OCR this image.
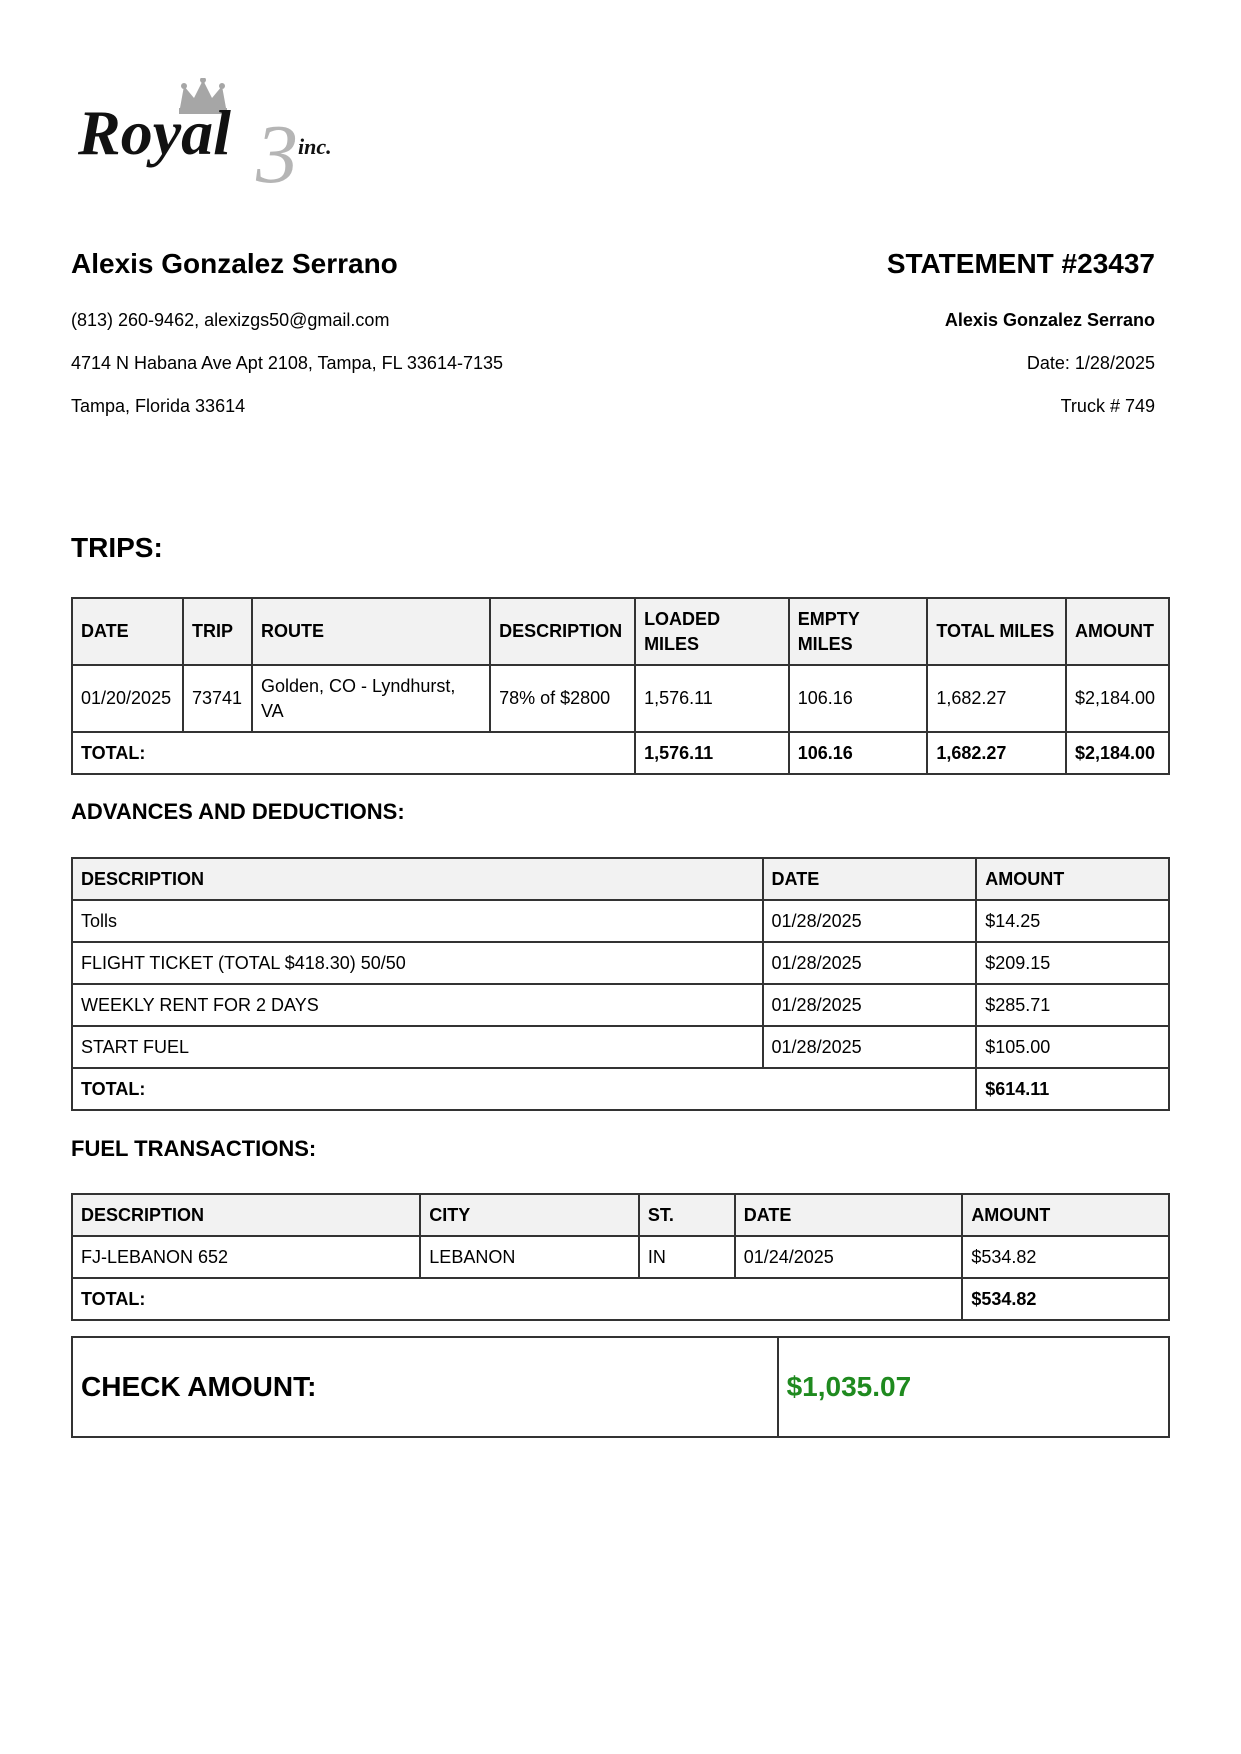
3
Royal	inc.
Alexis Gonzalez Serrano
(813) 260-9462, alexizgs50@gmail.com
4714 N Habana Ave Apt 2108, Tampa, FL 33614-7135
Tampa, Florida 33614
STATEMENT #23437
Alexis Gonzalez Serrano
Date: 1/28/2025
Truck # 749
TRIPS:
DATE	TRIP	ROUTE	DESCRIPTION	LOADED MILES	EMPTY MILES	TOTAL MILES	AMOUNT
01/20/2025	73741	Golden, CO - Lyndhurst, VA	78% of $2800	1,576.11	106.16	1,682.27	$2,184.00
TOTAL:				1,576.11	106.16	1,682.27	$2,184.00
ADVANCES AND DEDUCTIONS:
DESCRIPTION	DATE	AMOUNT
Tolls	01/28/2025	$14.25
FLIGHT TICKET (TOTAL $418.30) 50/50	01/28/2025	$209.15
WEEKLY RENT FOR 2 DAYS	01/28/2025	$285.71
START FUEL	01/28/2025	$105.00
TOTAL:		$614.11
FUEL TRANSACTIONS:
DESCRIPTION	CITY	ST.	DATE	AMOUNT
FJ-LEBANON 652	LEBANON	IN	01/24/2025	$534.82
TOTAL:				$534.82
CHECK AMOUNT:	$1,035.07
